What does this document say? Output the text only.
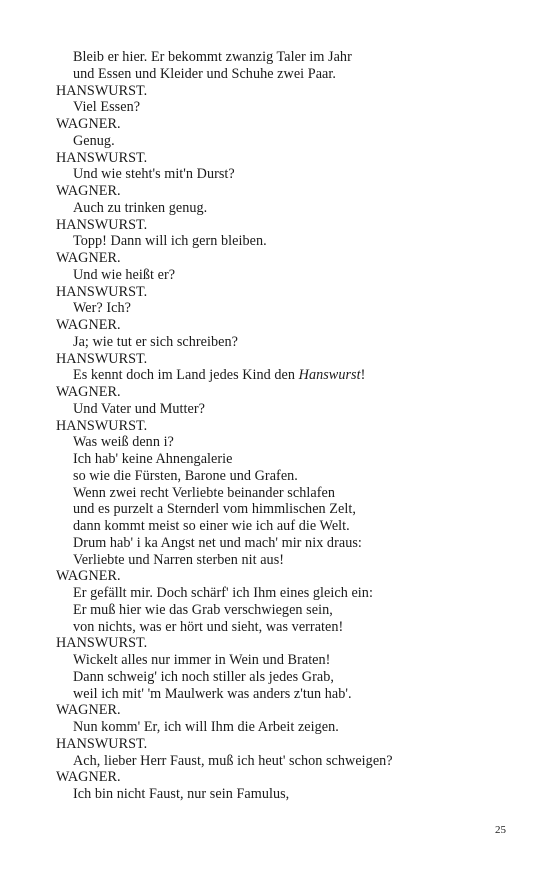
Bleib er hier. Er bekommt zwanzig Taler im Jahr
und Essen und Kleider und Schuhe zwei Paar.
HANSWURST.
Viel Essen?
WAGNER.
Genug.
HANSWURST.
Und wie steht's mit'n Durst?
WAGNER.
Auch zu trinken genug.
HANSWURST.
Topp! Dann will ich gern bleiben.
WAGNER.
Und wie heißt er?
HANSWURST.
Wer? Ich?
WAGNER.
Ja; wie tut er sich schreiben?
HANSWURST.
Es kennt doch im Land jedes Kind den Hanswurst!
WAGNER.
Und Vater und Mutter?
HANSWURST.
Was weiß denn i?
Ich hab' keine Ahnengalerie
so wie die Fürsten, Barone und Grafen.
Wenn zwei recht Verliebte beinander schlafen
und es purzelt a Sternderl vom himmlischen Zelt,
dann kommt meist so einer wie ich auf die Welt.
Drum hab' i ka Angst net und mach' mir nix draus:
Verliebte und Narren sterben nit aus!
WAGNER.
Er gefällt mir. Doch schärf' ich Ihm eines gleich ein:
Er muß hier wie das Grab verschwiegen sein,
von nichts, was er hört und sieht, was verraten!
HANSWURST.
Wickelt alles nur immer in Wein und Braten!
Dann schweig' ich noch stiller als jedes Grab,
weil ich mit' 'm Maulwerk was anders z'tun hab'.
WAGNER.
Nun komm' Er, ich will Ihm die Arbeit zeigen.
HANSWURST.
Ach, lieber Herr Faust, muß ich heut' schon schweigen?
WAGNER.
Ich bin nicht Faust, nur sein Famulus,
25
